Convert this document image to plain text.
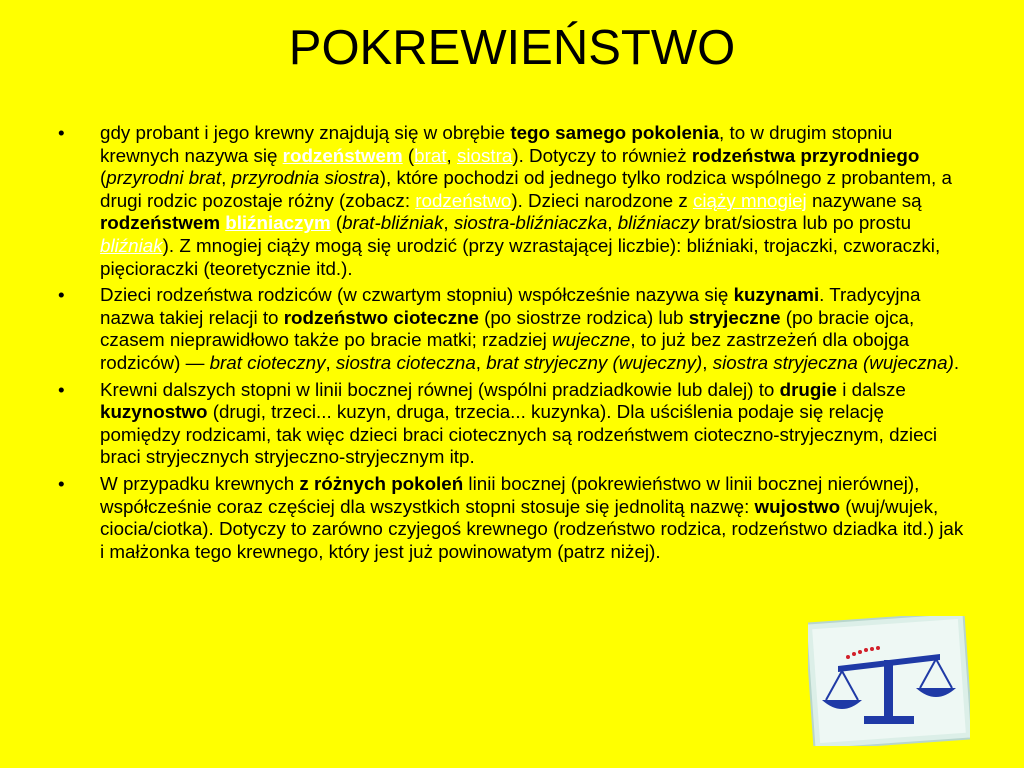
POKREWIEŃSTWO
•	gdy probant i jego krewny znajdują się w obrębie tego samego pokolenia, to w drugim stopniu krewnych nazywa się rodzeństwem (brat, siostra). Dotyczy to również rodzeństwa przyrodniego (przyrodni brat, przyrodnia siostra), które pochodzi od jednego tylko rodzica wspólnego z probantem, a drugi rodzic pozostaje różny (zobacz: rodzeństwo). Dzieci narodzone z ciąży mnogiej nazywane są rodzeństwem bliźniaczym (brat-bliźniak, siostra-bliźniaczka, bliźniaczy brat/siostra lub po prostu bliźniak). Z mnogiej ciąży mogą się urodzić (przy wzrastającej liczbie): bliźniaki, trojaczki, czworaczki, pięcioraczki (teoretycznie itd.).
•	Dzieci rodzeństwa rodziców (w czwartym stopniu) współcześnie nazywa się kuzynami. Tradycyjna nazwa takiej relacji to rodzeństwo cioteczne (po siostrze rodzica) lub stryjeczne (po bracie ojca, czasem nieprawidłowo także po bracie matki; rzadziej wujeczne, to już bez zastrzeżeń dla obojga rodziców) — brat cioteczny, siostra cioteczna, brat stryjeczny (wujeczny), siostra stryjeczna (wujeczna).
•	Krewni dalszych stopni w linii bocznej równej (wspólni pradziadkowie lub dalej) to drugie i dalsze kuzynostwo (drugi, trzeci... kuzyn, druga, trzecia... kuzynka). Dla uściślenia podaje się relację pomiędzy rodzicami, tak więc dzieci braci ciotecznych są rodzeństwem cioteczno-stryjecznym, dzieci braci stryjecznych stryjeczno-stryjecznym itp.
•	W przypadku krewnych z różnych pokoleń linii bocznej (pokrewieństwo w linii bocznej nierównej), współcześnie coraz częściej dla wszystkich stopni stosuje się jednolitą nazwę: wujostwo (wuj/wujek, ciocia/ciotka). Dotyczy to zarówno czyjegoś krewnego (rodzeństwo rodzica, rodzeństwo dziadka itd.) jak i małżonka tego krewnego, który jest już powinowatym (patrz niżej).
